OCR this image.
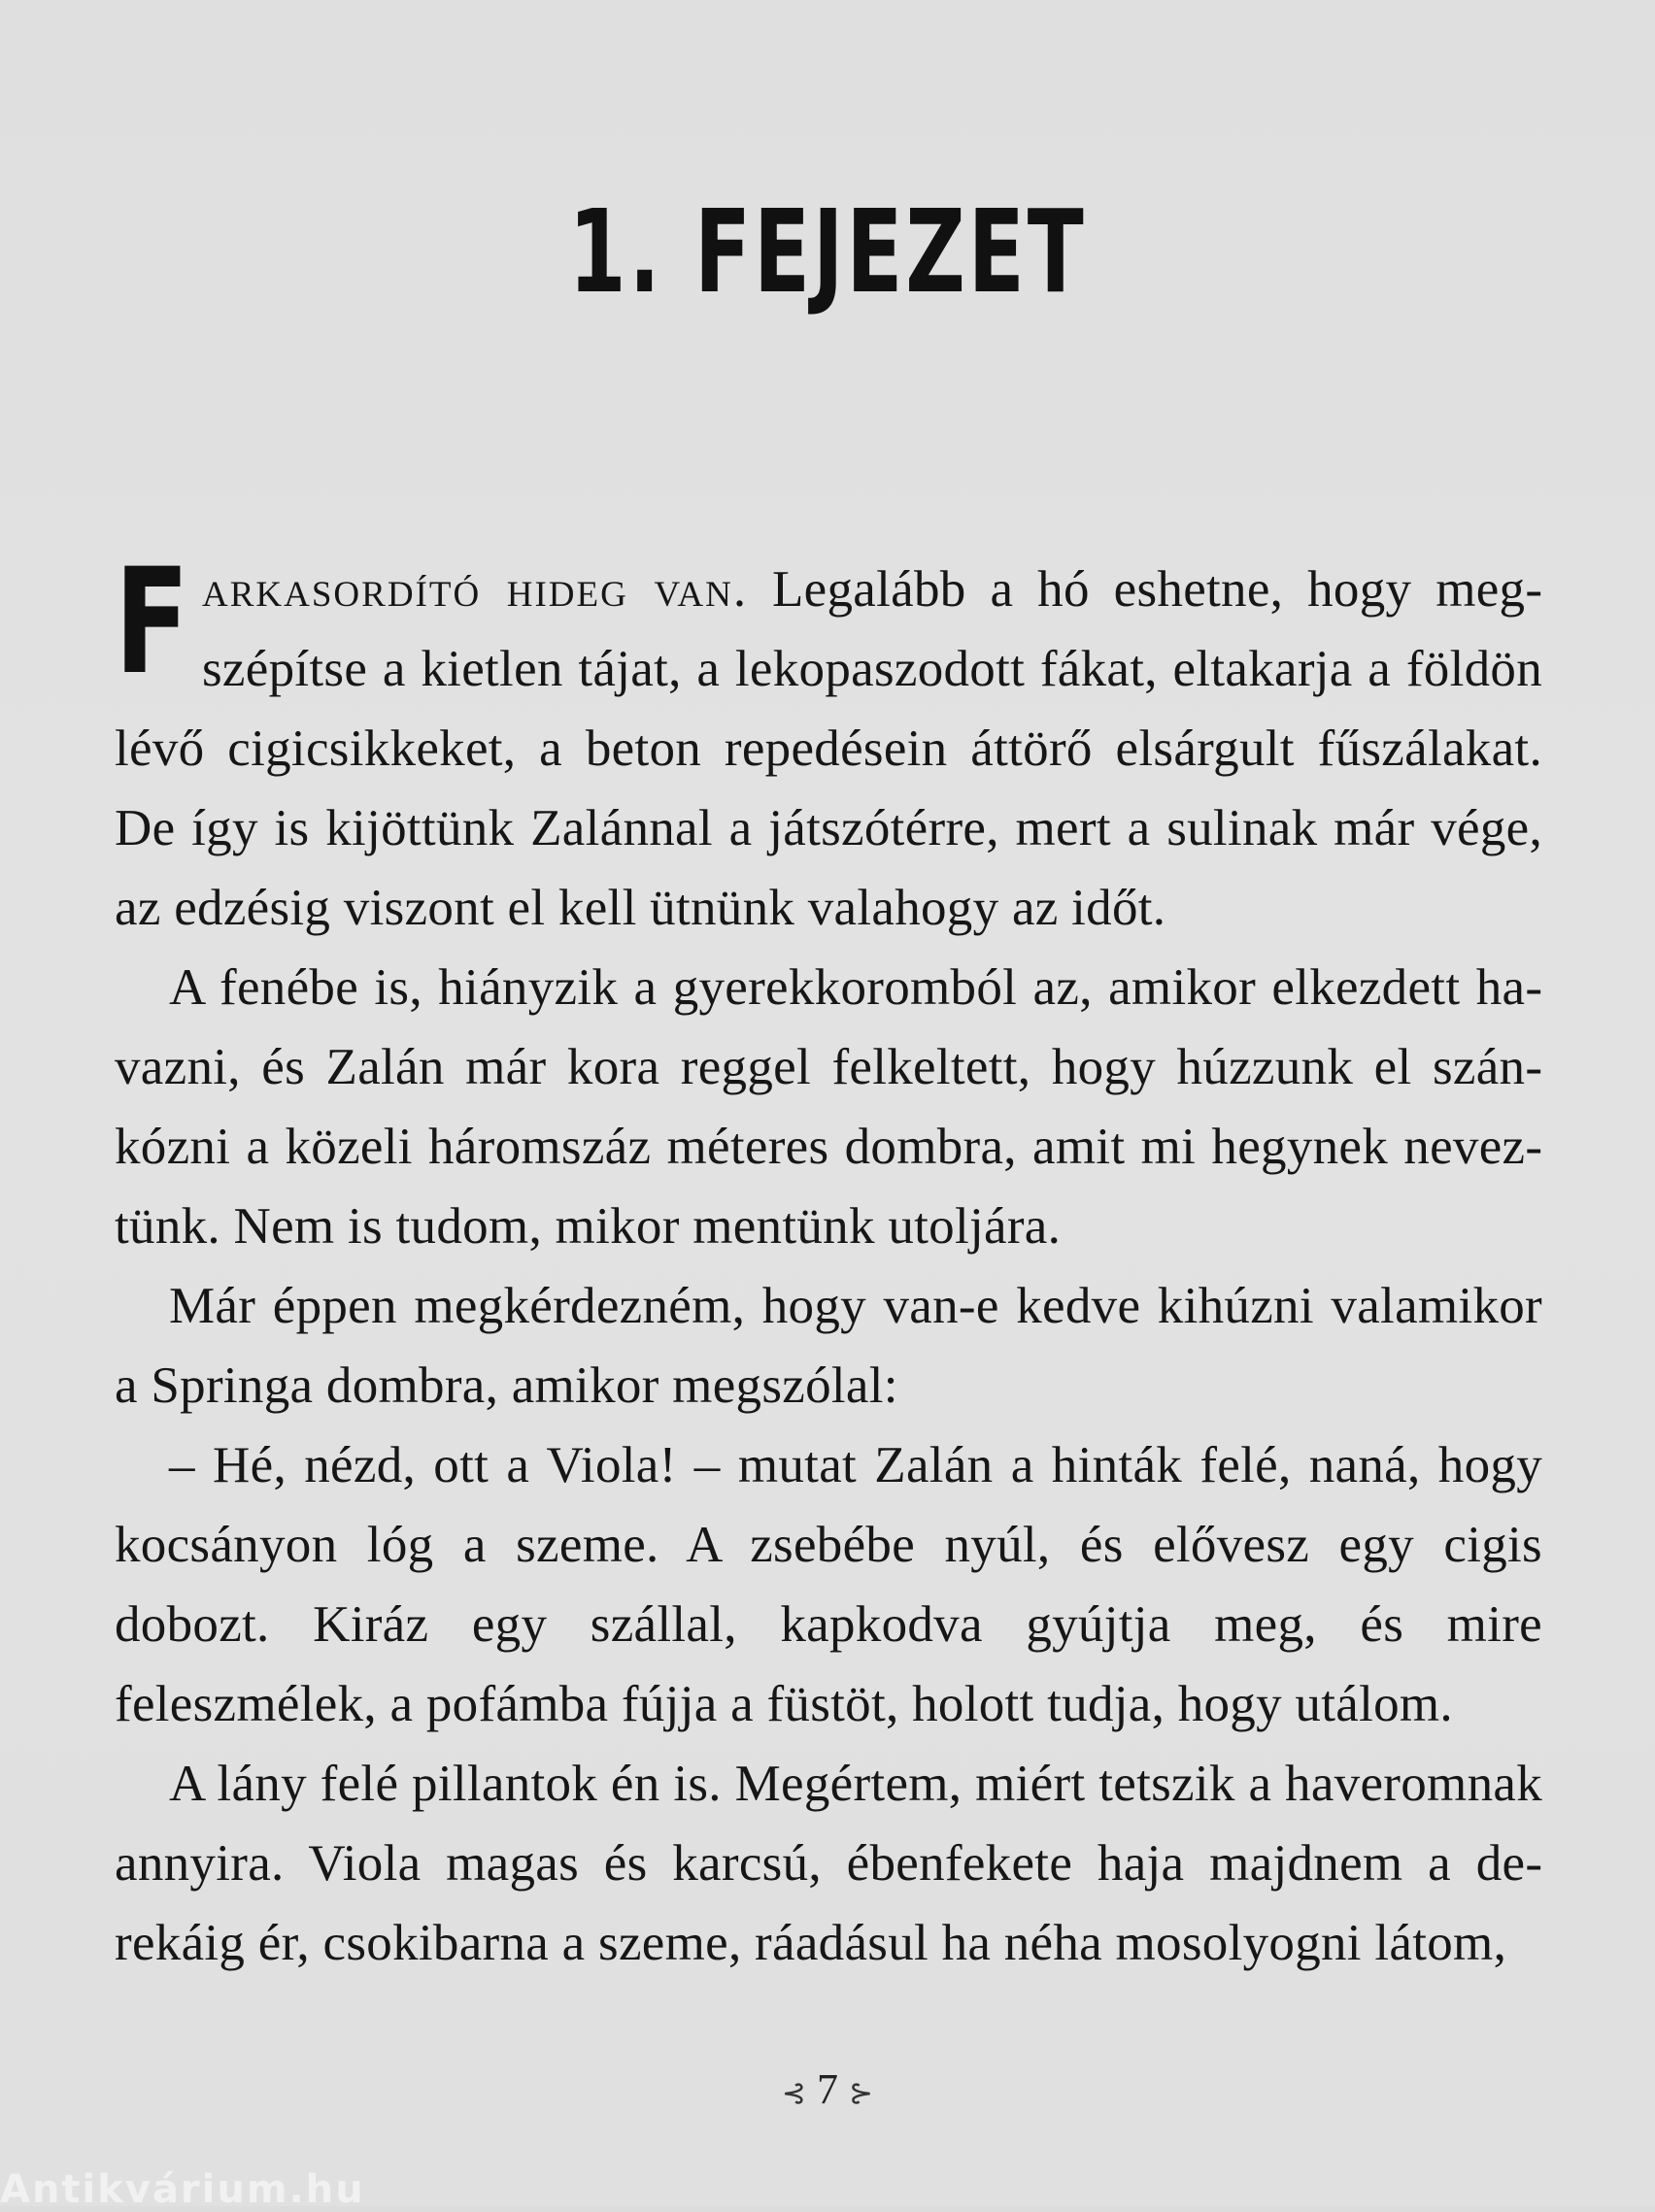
1. FEJEZET

Farkasordító hideg van. Legalább a hó eshetne, hogy megszépítse a kietlen tájat, a lekopaszodott fákat, eltakarja a földön lévő cigicsikkeket, a beton repedésein áttörő elsárgult fűszálakat. De így is kijöttünk Zalánnal a játszótérre, mert a sulinak már vége, az edzésig viszont el kell ütnünk valahogy az időt.

A fenébe is, hiányzik a gyerekkoromból az, amikor elkezdett havazni, és Zalán már kora reggel felkeltett, hogy húzzunk el szánkózni a közeli háromszáz méteres dombra, amit mi hegynek neveztünk. Nem is tudom, mikor mentünk utoljára.

Már éppen megkérdezném, hogy van-e kedve kihúzni valamikor a Springa dombra, amikor megszólal:

– Hé, nézd, ott a Viola! – mutat Zalán a hinták felé, naná, hogy kocsányon lóg a szeme. A zsebébe nyúl, és elővesz egy cigis dobozt. Kiráz egy szállal, kapkodva gyújtja meg, és mire feleszmélek, a pofámba fújja a füstöt, holott tudja, hogy utálom.

A lány felé pillantok én is. Megértem, miért tetszik a haveromnak annyira. Viola magas és karcsú, ébenfekete haja majdnem a derekáig ér, csokibarna a szeme, ráadásul ha néha mosolyogni látom,

⊰ 7 ⊱
Antikvárium.hu
